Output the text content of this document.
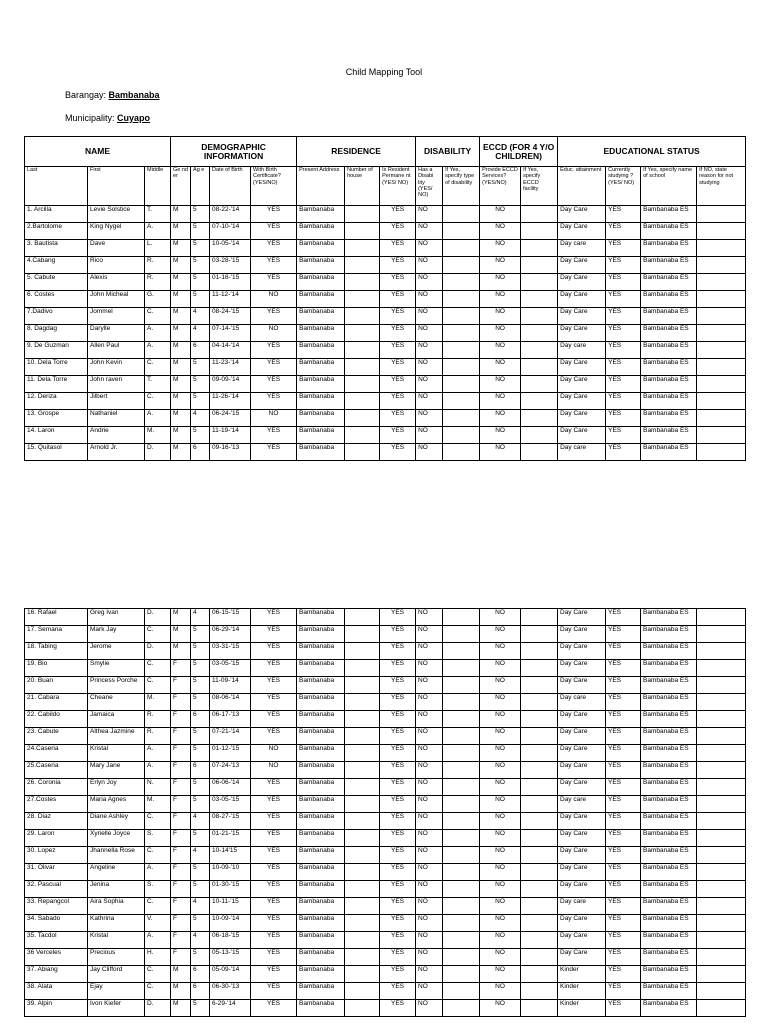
Child Mapping Tool
Barangay: Bambanaba
Municipality: Cuyapo
NAME			DEMOGRAPHIC INFORMATION				RESIDENCE			DISABILITY		ECCD (FOR 4 Y/O CHILDREN)		EDUCATIONAL STATUS			
Last	First	Middle	Ge nd er	Ag e	Date of Birth	With Birth Certificate? (YES/NO)	Present Address	Number of house	Is Resident Permane nt (YES/ NO)	Has a Disabi lity (YES/ NO)	If Yes, specify type of disability	Provide ECCD Services? (YES/NO)	If Yes, specify ECCD facility	Educ. attainment	Currently studying ? (YES/ NO)	If Yes, specify name of school	If NO, state reason for not studying
1. Arcilla	Levie Solstice	T.	M	5	08-22-'14	YES	Bambanaba		YES	NO		NO		Day Care	YES	Bambanaba ES	
2.Bartolome	King Nygel	A.	M	5	07-10-'14	YES	Bambanaba		YES	NO		NO		Day Care	YES	Bambanaba ES	
3. Bautista	Dave	L.	M	5	10-05-'14	YES	Bambanaba		YES	NO		NO		Day care	YES	Bambanaba ES	
4.Cabang	Rico	R.	M	5	03-28-'15	YES	Bambanaba		YES	NO		NO		Day Care	YES	Bambanaba ES	
5. Cabute	Alexis	R.	M	5	01-16-'15	YES	Bambanaba		YES	NO		NO		Day Care	YES	Bambanaba ES	
6. Costes	John Micheal	G.	M	5	11-12-'14	NO	Bambanaba		YES	NO		NO		Day Care	YES	Bambanaba ES	
7.Dadivo	Jommel	C.	M	4	08-24-'15	YES	Bambanaba		YES	NO		NO		Day Care	YES	Bambanaba ES	
8. Dagdag	Darylle	A.	M	4	07-14-'15	NO	Bambanaba		YES	NO		NO		Day Care	YES	Bambanaba ES	
9. De Guzman	Allen Paul	A.	M	6	04-14-'14	YES	Bambanaba		YES	NO		NO		Day care	YES	Bambanaba ES	
10. Dela Torre	John Kevin	C.	M	5	11-23-'14	YES	Bambanaba		YES	NO		NO		Day Care	YES	Bambanaba ES	
11. Dela Torre	John raven	T.	M	5	09-09-'14	YES	Bambanaba		YES	NO		NO		Day Care	YES	Bambanaba ES	
12. Deriza	Jilbert	C.	M	5	11-26-'14	YES	Bambanaba		YES	NO		NO		Day Care	YES	Bambanaba ES	
13. Grospe	Nathaniel	A.	M	4	06-24-'15	NO	Bambanaba		YES	NO		NO		Day Care	YES	Bambanaba ES	
14. Laron	Andrie	M.	M	5	11-19-'14	YES	Bambanaba		YES	NO		NO		Day Care	YES	Bambanaba ES	
15. Quitasol	Arnold Jr.	D.	M	6	09-16-'13	YES	Bambanaba		YES	NO		NO		Day care	YES	Bambanaba ES	
16. Rafael	Greg Ivan	D.	M	4	06-15-'15	YES	Bambanaba		YES	NO		NO		Day Care	YES	Bambanaba ES	
17. Semana	Mark Jay	C.	M	5	06-29-'14	YES	Bambanaba		YES	NO		NO		Day Care	YES	Bambanaba ES	
18. Tabing	Jerome	D.	M	5	03-31-'15	YES	Bambanaba		YES	NO		NO		Day Care	YES	Bambanaba ES	
19. Bio	Smylie	C.	F	5	03-05-'15	YES	Bambanaba		YES	NO		NO		Day Care	YES	Bambanaba ES	
20. Buan	Princess Porche	C.	F	5	11-09-'14	YES	Bambanaba		YES	NO		NO		Day Care	YES	Bambanaba ES	
21. Cabara	Cheane	M.	F	5	08-06-'14	YES	Bambanaba		YES	NO		NO		Day care	YES	Bambanaba ES	
22. Cabildo	Jamaica	R.	F	6	06-17-'13	YES	Bambanaba		YES	NO		NO		Day Care	YES	Bambanaba ES	
23. Cabute	Althea Jazmine	R.	F	5	07-21-'14	YES	Bambanaba		YES	NO		NO		Day Care	YES	Bambanaba ES	
24.Caseria	Kristal	A.	F	5	01-12-'15	NO	Bambanaba		YES	NO		NO		Day Care	YES	Bambanaba ES	
25.Caseria	Mary Jane	A.	F	6	07-24-'13	NO	Bambanaba		YES	NO		NO		Day Care	YES	Bambanaba ES	
26. Coronia	Erlyn Joy	N.	F	5	06-06-'14	YES	Bambanaba		YES	NO		NO		Day Care	YES	Bambanaba ES	
27.Costes	Maria Agnes	M.	F	5	03-05-'15	YES	Bambanaba		YES	NO		NO		Day care	YES	Bambanaba ES	
28. Diaz	Diane Ashley	C.	F	4	08-27-'15	YES	Bambanaba		YES	NO		NO		Day Care	YES	Bambanaba ES	
29. Laron	Xyrielle Joyce	S.	F	5	01-21-'15	YES	Bambanaba		YES	NO		NO		Day Care	YES	Bambanaba ES	
30. Lopez	Jhannella Rose	C.	F	4	10-14'15	YES	Bambanaba		YES	NO		NO		Day Care	YES	Bambanaba ES	
31. Olivar	Angeline	A.	F	5	10-09-'10	YES	Bambanaba		YES	NO		NO		Day Care	YES	Bambanaba ES	
32. Pascual	Jenina	S.	F	5	01-30-'15	YES	Bambanaba		YES	NO		NO		Day Care	YES	Bambanaba ES	
33. Repangcol	Aira Sophia	C.	F	4	10-11-'15	YES	Bambanaba		YES	NO		NO		Day care	YES	Bambanaba ES	
34. Sabado	Kathrina	V.	F	5	10-09-'14	YES	Bambanaba		YES	NO		NO		Day Care	YES	Bambanaba ES	
35. Tacdol	Kristal	A.	F	4	06-18-'15	YES	Bambanaba		YES	NO		NO		Day Care	YES	Bambanaba ES	
36 Verceles	Precious	H.	F	5	05-13-'15	YES	Bambanaba		YES	NO		NO		Day Care	YES	Bambanaba ES	
37. Abiang	Jay Clifford	C.	M	6	05-09-'14	YES	Bambanaba		YES	NO		NO		Kinder	YES	Bambanaba ES	
38. Alata	Ejay	C.	M	6	06-30-'13	YES	Bambanaba		YES	NO		NO		Kinder	YES	Bambanaba ES	
39. Alpin	Ivon Kiefer	D.	M	5	6-29-'14	YES	Bambanaba		YES	NO		NO		Kinder	YES	Bambanaba ES	
